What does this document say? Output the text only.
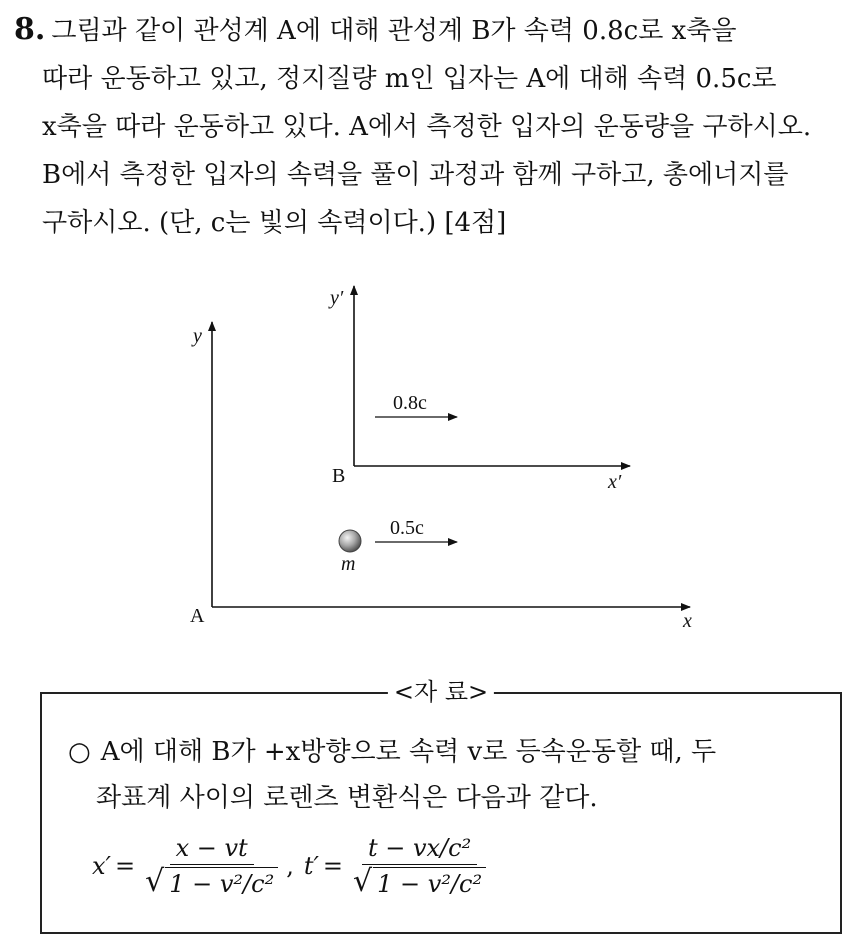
8. 그림과 같이 관성계 A에 대해 관성계 B가 속력 0.8c로 x축을
따라 운동하고 있고, 정지질량 m인 입자는 A에 대해 속력 0.5c로
x축을 따라 운동하고 있다. A에서 측정한 입자의 운동량을 구하시오.
B에서 측정한 입자의 속력을 풀이 과정과 함께 구하고, 총에너지를
구하시오. (단, c는 빛의 속력이다.) [4점]
A	x
y
B	x′
y′
0.8c
m
0.5c
<자 료>
○ A에 대해 B가 +x방향으로 속력 v로 등속운동할 때, 두
좌표계 사이의 로렌츠 변환식은 다음과 같다.
$x' = \frac{x - vt}{\text{√ 1 − v²/c²}}$ , $t' = \frac{\text{t − vx/c²}}{\text{√ 1 − v²/c²}}$
